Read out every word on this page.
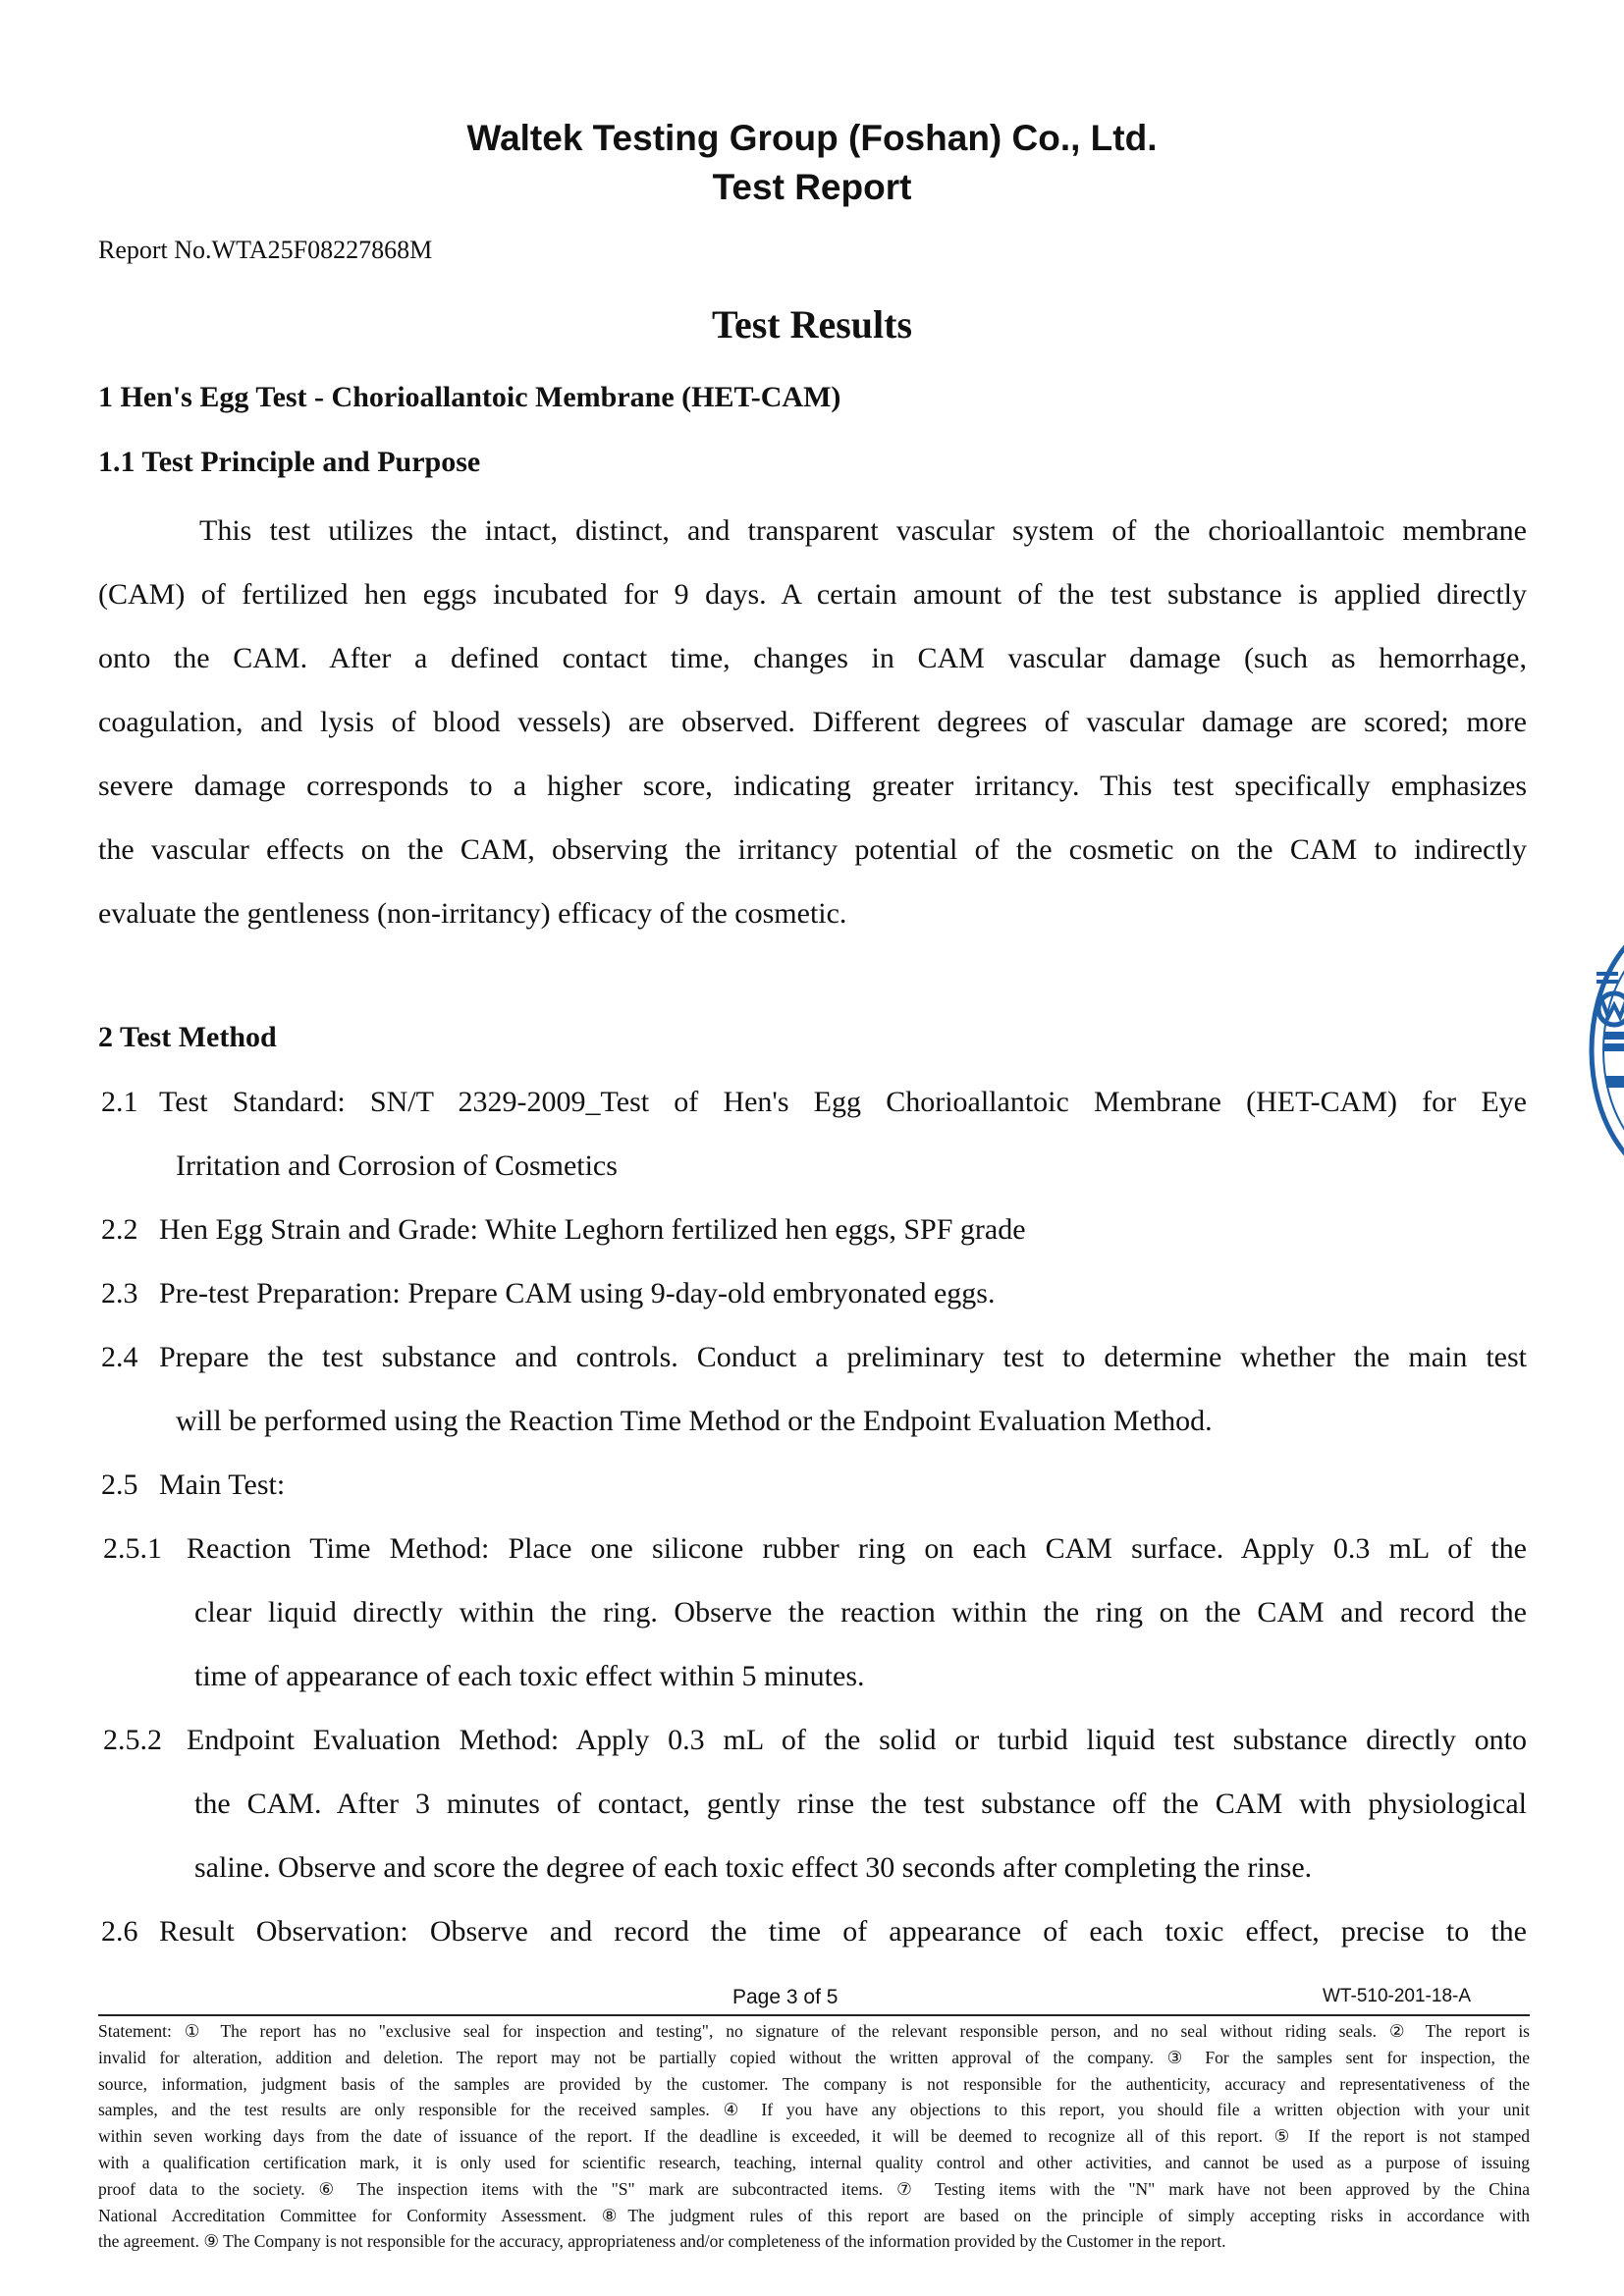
Waltek Testing Group (Foshan) Co., Ltd.
Test Report
Report No.WTA25F08227868M
Test Results
1 Hen's Egg Test - Chorioallantoic Membrane (HET-CAM)
1.1 Test Principle and Purpose
This test utilizes the intact, distinct, and transparent vascular system of the chorioallantoic membrane
(CAM) of fertilized hen eggs incubated for 9 days. A certain amount of the test substance is applied directly
onto the CAM. After a defined contact time, changes in CAM vascular damage (such as hemorrhage,
coagulation, and lysis of blood vessels) are observed. Different degrees of vascular damage are scored; more
severe damage corresponds to a higher score, indicating greater irritancy. This test specifically emphasizes
the vascular effects on the CAM, observing the irritancy potential of the cosmetic on the CAM to indirectly
evaluate the gentleness (non-irritancy) efficacy of the cosmetic.
2 Test Method
2.1 Test Standard: SN/T 2329-2009_Test of Hen's Egg Chorioallantoic Membrane (HET-CAM) for Eye
Irritation and Corrosion of Cosmetics
2.2 Hen Egg Strain and Grade: White Leghorn fertilized hen eggs, SPF grade
2.3 Pre-test Preparation: Prepare CAM using 9-day-old embryonated eggs.
2.4 Prepare the test substance and controls. Conduct a preliminary test to determine whether the main test
will be performed using the Reaction Time Method or the Endpoint Evaluation Method.
2.5 Main Test:
2.5.1 Reaction Time Method: Place one silicone rubber ring on each CAM surface. Apply 0.3 mL of the
clear liquid directly within the ring. Observe the reaction within the ring on the CAM and record the
time of appearance of each toxic effect within 5 minutes.
2.5.2 Endpoint Evaluation Method: Apply 0.3 mL of the solid or turbid liquid test substance directly onto
the CAM. After 3 minutes of contact, gently rinse the test substance off the CAM with physiological
saline. Observe and score the degree of each toxic effect 30 seconds after completing the rinse.
2.6 Result Observation: Observe and record the time of appearance of each toxic effect, precise to the
Page 3 of 5	WT-510-201-18-A
Statement: ① The report has no "exclusive seal for inspection and testing", no signature of the relevant responsible person, and no seal without riding seals. ② The report is
invalid for alteration, addition and deletion. The report may not be partially copied without the written approval of the company. ③ For the samples sent for inspection, the
source, information, judgment basis of the samples are provided by the customer. The company is not responsible for the authenticity, accuracy and representativeness of the
samples, and the test results are only responsible for the received samples. ④ If you have any objections to this report, you should file a written objection with your unit
within seven working days from the date of issuance of the report. If the deadline is exceeded, it will be deemed to recognize all of this report. ⑤ If the report is not stamped
with a qualification certification mark, it is only used for scientific research, teaching, internal quality control and other activities, and cannot be used as a purpose of issuing
proof data to the society. ⑥ The inspection items with the "S" mark are subcontracted items. ⑦ Testing items with the "N" mark have not been approved by the China
National Accreditation Committee for Conformity Assessment. ⑧The judgment rules of this report are based on the principle of simply accepting risks in accordance with
the agreement. ⑨ The Company is not responsible for the accuracy, appropriateness and/or completeness of the information provided by the Customer in the report.
